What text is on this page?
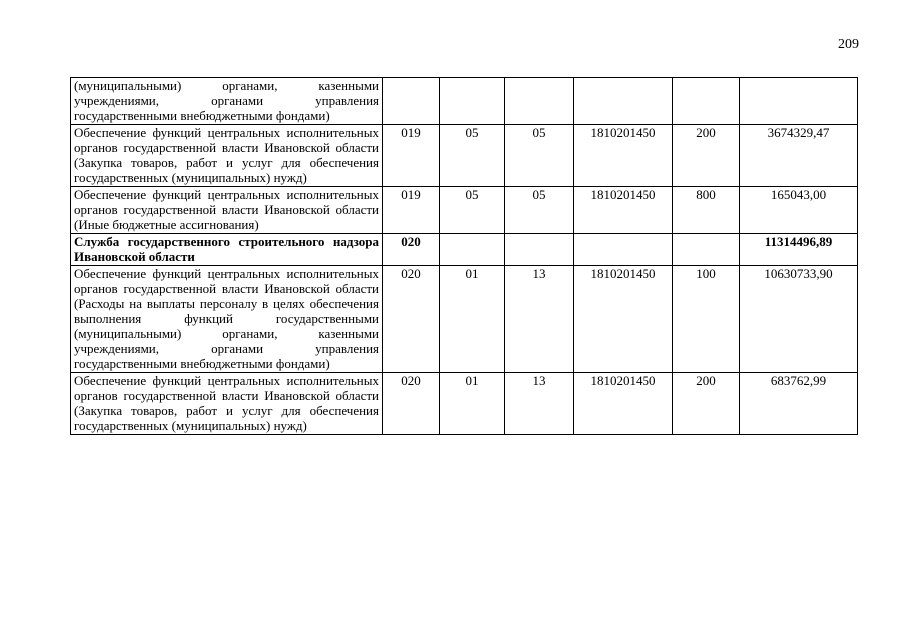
209
(муниципальными) органами, казенными учреждениями, органами управления государственными внебюджетными фондами)						
Обеспечение функций центральных исполнительных органов государственной власти Ивановской области (Закупка товаров, работ и услуг для обеспечения государственных (муниципальных) нужд)	019	05	05	1810201450	200	3674329,47
Обеспечение функций центральных исполнительных органов государственной власти Ивановской области (Иные бюджетные ассигнования)	019	05	05	1810201450	800	165043,00
Служба государственного строительного надзора Ивановской области	020					11314496,89
Обеспечение функций центральных исполнительных органов государственной власти Ивановской области (Расходы на выплаты персоналу в целях обеспечения выполнения функций государственными (муниципальными) органами, казенными учреждениями, органами управления государственными внебюджетными фондами)	020	01	13	1810201450	100	10630733,90
Обеспечение функций центральных исполнительных органов государственной власти Ивановской области (Закупка товаров, работ и услуг для обеспечения государственных (муниципальных) нужд)	020	01	13	1810201450	200	683762,99
